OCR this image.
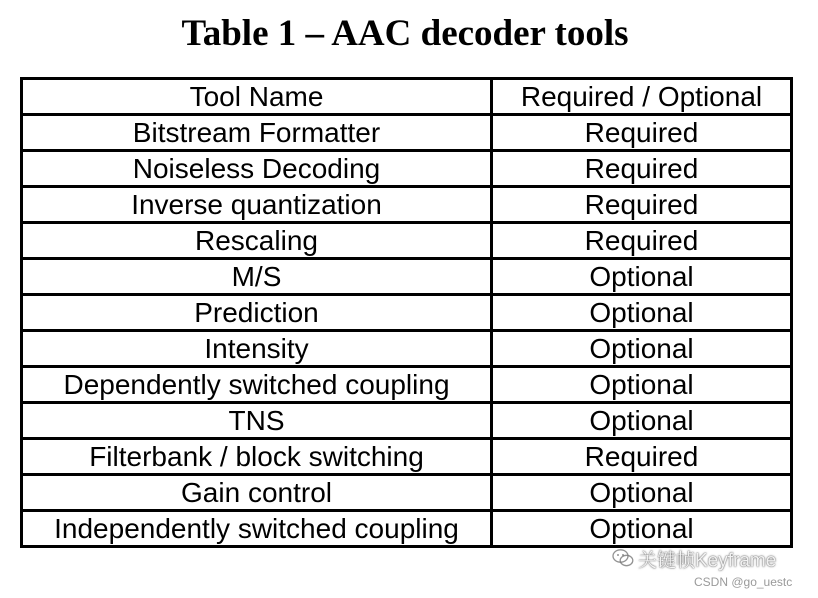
Table 1 – AAC decoder tools
Tool Name	Required / Optional
Bitstream Formatter	Required
Noiseless Decoding	Required
Inverse quantization	Required
Rescaling	Required
M/S	Optional
Prediction	Optional
Intensity	Optional
Dependently switched coupling	Optional
TNS	Optional
Filterbank / block switching	Required
Gain control	Optional
Independently switched coupling	Optional
关键帧Keyframe
CSDN @go_uestc
